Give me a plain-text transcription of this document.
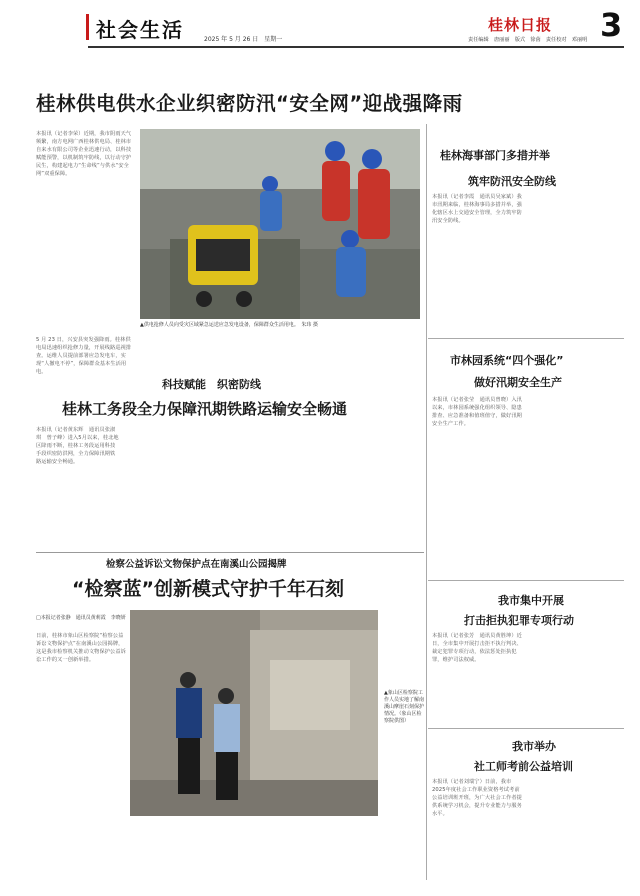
社会生活	2025 年 5 月 26 日　星期一
桂林日报
责任编辑　唐丽丽　版式　徐茵　责任校对　邓丽明 3
桂林供电供水企业织密防汛“安全网”迎战强降雨
本报讯（记者李荣）近期，我市阴雨天气频繁，南方电网广西桂林供电局、桂林市自来水有限公司等企业迅速行动，以科技赋能预警，以机制筑牢防线，以行动守护民生，构建起电力“生命线”与供水“安全网”双重保障。
5 月 23 日，兴安县突发强降雨。桂林供电局迅速组织抢修力量，开展线路巡视排查。运维人员提前部署应急发电车，实现“人撤电不停”，保障群众基本生活用电。
▲供电抢修人员向受灾区域紧急运送应急发电设备，保障群众生活用电。　朱玮 摄
桂林海事部门多措并举
筑牢防汛安全防线
本报讯（记者李霞　通讯员吴家斌）我市汛期来临，桂林海事局多措并举，强化辖区水上交通安全管理，全力筑牢防汛安全防线。
市林园系统“四个强化”
做好汛期安全生产
本报讯（记者张莹　通讯员曾晓）入汛以来，市林园系统强化组织领导、隐患排查、应急准备和值班值守，做好汛期安全生产工作。
科技赋能　织密防线
桂林工务段全力保障汛期铁路运输安全畅通
本报讯（记者黄东辉　通讯员张淑琪　曾子峰）进入5月以来，桂北地区降雨不断，桂林工务段运用科技手段织密防洪网，全力保障汛期铁路运输安全畅通。
检察公益诉讼文物保护点在南溪山公园揭牌
“检察蓝”创新模式守护千年石刻
□本报记者张静　通讯员黄莉霞　李晓妍
日前，桂林市象山区检察院“检察公益诉讼文物保护点”在南溪山公园揭牌，这是我市检察机关推动文物保护公益诉讼工作的又一创新举措。
▲象山区检察院工作人员实地了解南溪山摩崖石刻保护情况。（象山区检察院供图）
我市集中开展
打击拒执犯罪专项行动
本报讯（记者张芳　通讯员黄胜坤）近日，全市集中开展打击拒不执行判决、裁定犯罪专项行动，依法惩处拒执犯罪，维护司法权威。
我市举办
社工师考前公益培训
本报讯（记者刘瑞宁）日前，我市2025年度社会工作职业资格考试考前公益培训班开班，为广大社会工作者提供系统学习机会，提升专业能力与服务水平。
